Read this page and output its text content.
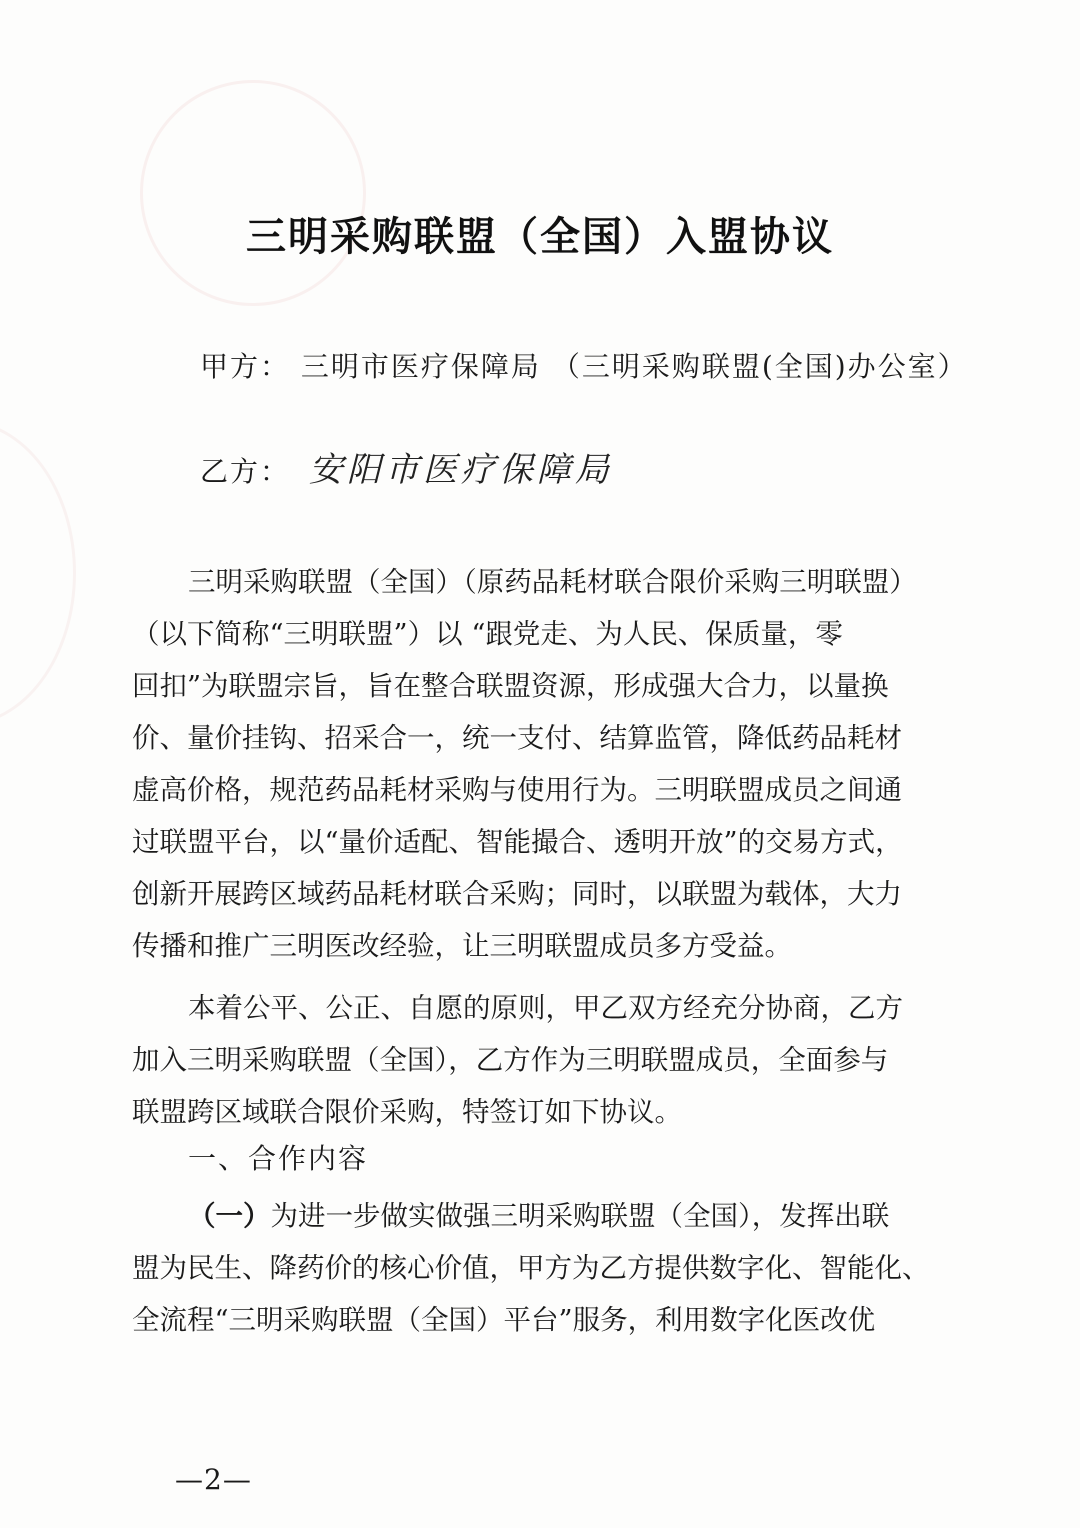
三明采购联盟（全国）入盟协议
甲方： 三明市医疗保障局 （三明采购联盟(全国)办公室）
乙方： 安阳市医疗保障局
三明采购联盟（全国）（原药品耗材联合限价采购三明联盟）
（以下简称“三明联盟”）以 “跟党走、为人民、保质量，零
回扣”为联盟宗旨，旨在整合联盟资源，形成强大合力，以量换
价、量价挂钩、招采合一，统一支付、结算监管，降低药品耗材
虚高价格，规范药品耗材采购与使用行为。三明联盟成员之间通
过联盟平台，以“量价适配、智能撮合、透明开放”的交易方式，
创新开展跨区域药品耗材联合采购；同时，以联盟为载体，大力
传播和推广三明医改经验，让三明联盟成员多方受益。
本着公平、公正、自愿的原则，甲乙双方经充分协商，乙方
加入三明采购联盟（全国），乙方作为三明联盟成员，全面参与
联盟跨区域联合限价采购，特签订如下协议。
一、合作内容
（一）为进一步做实做强三明采购联盟（全国），发挥出联
盟为民生、降药价的核心价值，甲方为乙方提供数字化、智能化、
全流程“三明采购联盟（全国）平台”服务，利用数字化医改优
—2—
